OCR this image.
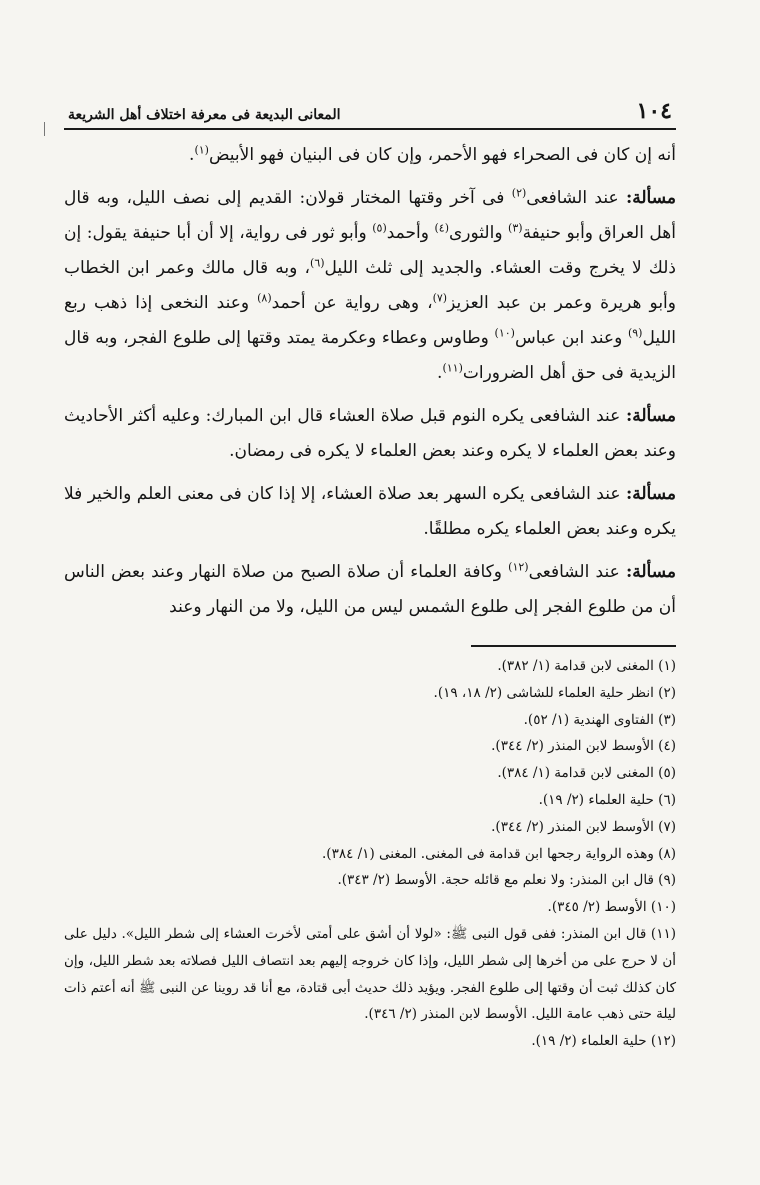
١٠٤
المعانى البديعة فى معرفة اختلاف أهل الشريعة

أنه إن كان فى الصحراء فهو الأحمر، وإن كان فى البنيان فهو الأبيض$^{(١)}$.

مسألة: عند الشافعى$^{(٢)}$ فى آخر وقتها المختار قولان: القديم إلى نصف الليل، وبه قال أهل العراق وأبو حنيفة$^{(٣)}$ والثورى$^{(٤)}$ وأحمد$^{(٥)}$ وأبو ثور فى رواية، إلا أن أبا حنيفة يقول: إن ذلك لا يخرج وقت العشاء. والجديد إلى ثلث الليل$^{(٦)}$، وبه قال مالك وعمر ابن الخطاب وأبو هريرة وعمر بن عبد العزيز$^{(٧)}$، وهى رواية عن أحمد$^{(٨)}$ وعند النخعى إذا ذهب ربع الليل$^{(٩)}$ وعند ابن عباس$^{(١٠)}$ وطاوس وعطاء وعكرمة يمتد وقتها إلى طلوع الفجر، وبه قال الزيدية فى حق أهل الضرورات$^{(١١)}$.

مسألة: عند الشافعى يكره النوم قبل صلاة العشاء قال ابن المبارك: وعليه أكثر الأحاديث وعند بعض العلماء لا يكره وعند بعض العلماء لا يكره فى رمضان.

مسألة: عند الشافعى يكره السهر بعد صلاة العشاء، إلا إذا كان فى معنى العلم والخير فلا يكره وعند بعض العلماء يكره مطلقًا.

مسألة: عند الشافعى$^{(١٢)}$ وكافة العلماء أن صلاة الصبح من صلاة النهار وعند بعض الناس أن من طلوع الفجر إلى طلوع الشمس ليس من الليل، ولا من النهار وعند

(١) المغنى لابن قدامة (١/ ٣٨٢).

(٢) انظر حلية العلماء للشاشى (٢/ ١٨، ١٩).

(٣) الفتاوى الهندية (١/ ٥٢).

(٤) الأوسط لابن المنذر (٢/ ٣٤٤).

(٥) المغنى لابن قدامة (١/ ٣٨٤).

(٦) حلية العلماء (٢/ ١٩).

(٧) الأوسط لابن المنذر (٢/ ٣٤٤).

(٨) وهذه الرواية رجحها ابن قدامة فى المغنى. المغنى (١/ ٣٨٤).

(٩) قال ابن المنذر: ولا نعلم مع قائله حجة. الأوسط (٢/ ٣٤٣).

(١٠) الأوسط (٢/ ٣٤٥).

(١١) قال ابن المنذر: ففى قول النبى ﷺ: «لولا أن أشق على أمتى لأخرت العشاء إلى شطر الليل». دليل على أن لا حرج على من أخرها إلى شطر الليل، وإذا كان خروجه إليهم بعد انتصاف الليل فصلاته بعد شطر الليل، وإن كان كذلك ثبت أن وقتها إلى طلوع الفجر. ويؤيد ذلك حديث أبى قتادة، مع أنا قد روينا عن النبى ﷺ أنه أعتم ذات ليلة حتى ذهب عامة الليل. الأوسط لابن المنذر (٢/ ٣٤٦).

(١٢) حلية العلماء (٢/ ١٩).
